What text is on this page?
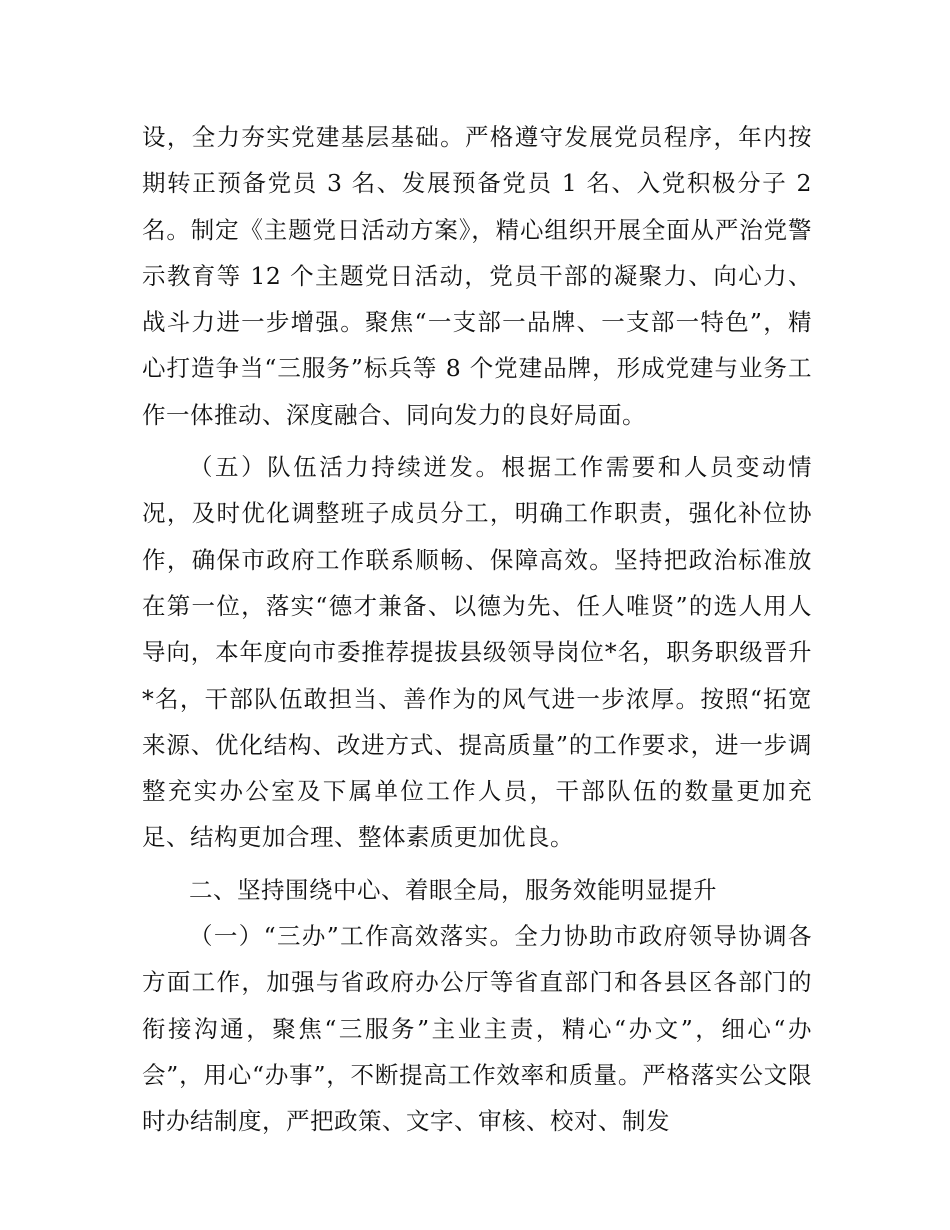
设，全力夯实党建基层基础。严格遵守发展党员程序，年内按期转正预备党员 3 名、发展预备党员 1 名、入党积极分子 2 名。制定《主题党日活动方案》，精心组织开展全面从严治党警示教育等 12 个主题党日活动，党员干部的凝聚力、向心力、战斗力进一步增强。聚焦“一支部一品牌、一支部一特色”，精心打造争当“三服务”标兵等 8 个党建品牌，形成党建与业务工作一体推动、深度融合、同向发力的良好局面。

（五）队伍活力持续迸发。根据工作需要和人员变动情况，及时优化调整班子成员分工，明确工作职责，强化补位协作，确保市政府工作联系顺畅、保障高效。坚持把政治标准放在第一位，落实“德才兼备、以德为先、任人唯贤”的选人用人导向，本年度向市委推荐提拔县级领导岗位*名，职务职级晋升*名，干部队伍敢担当、善作为的风气进一步浓厚。按照“拓宽来源、优化结构、改进方式、提高质量”的工作要求，进一步调整充实办公室及下属单位工作人员，干部队伍的数量更加充足、结构更加合理、整体素质更加优良。

二、坚持围绕中心、着眼全局，服务效能明显提升

（一）“三办”工作高效落实。全力协助市政府领导协调各方面工作，加强与省政府办公厅等省直部门和各县区各部门的衔接沟通，聚焦“三服务”主业主责，精心“办文”，细心“办会”，用心“办事”，不断提高工作效率和质量。严格落实公文限时办结制度，严把政策、文字、审核、校对、制发
